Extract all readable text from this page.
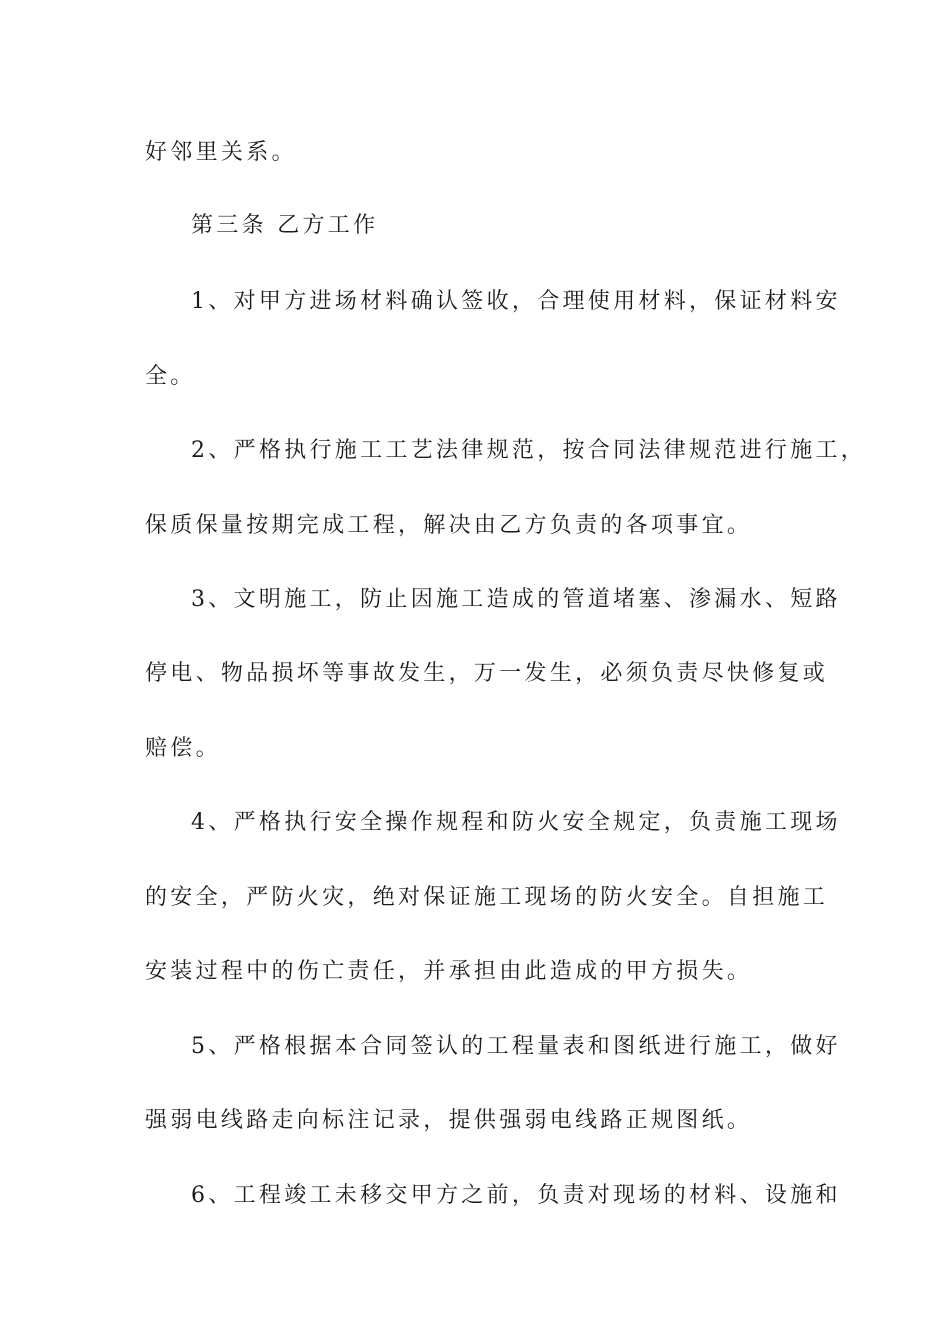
好邻里关系。
第三条 乙方工作
1、对甲方进场材料确认签收，合理使用材料，保证材料安
全。
2、严格执行施工工艺法律规范，按合同法律规范进行施工，
保质保量按期完成工程，解决由乙方负责的各项事宜。
3、文明施工，防止因施工造成的管道堵塞、渗漏水、短路
停电、物品损坏等事故发生，万一发生，必须负责尽快修复或
赔偿。
4、严格执行安全操作规程和防火安全规定，负责施工现场
的安全，严防火灾，绝对保证施工现场的防火安全。自担施工
安装过程中的伤亡责任，并承担由此造成的甲方损失。
5、严格根据本合同签认的工程量表和图纸进行施工，做好
强弱电线路走向标注记录，提供强弱电线路正规图纸。
6、工程竣工未移交甲方之前，负责对现场的材料、设施和
